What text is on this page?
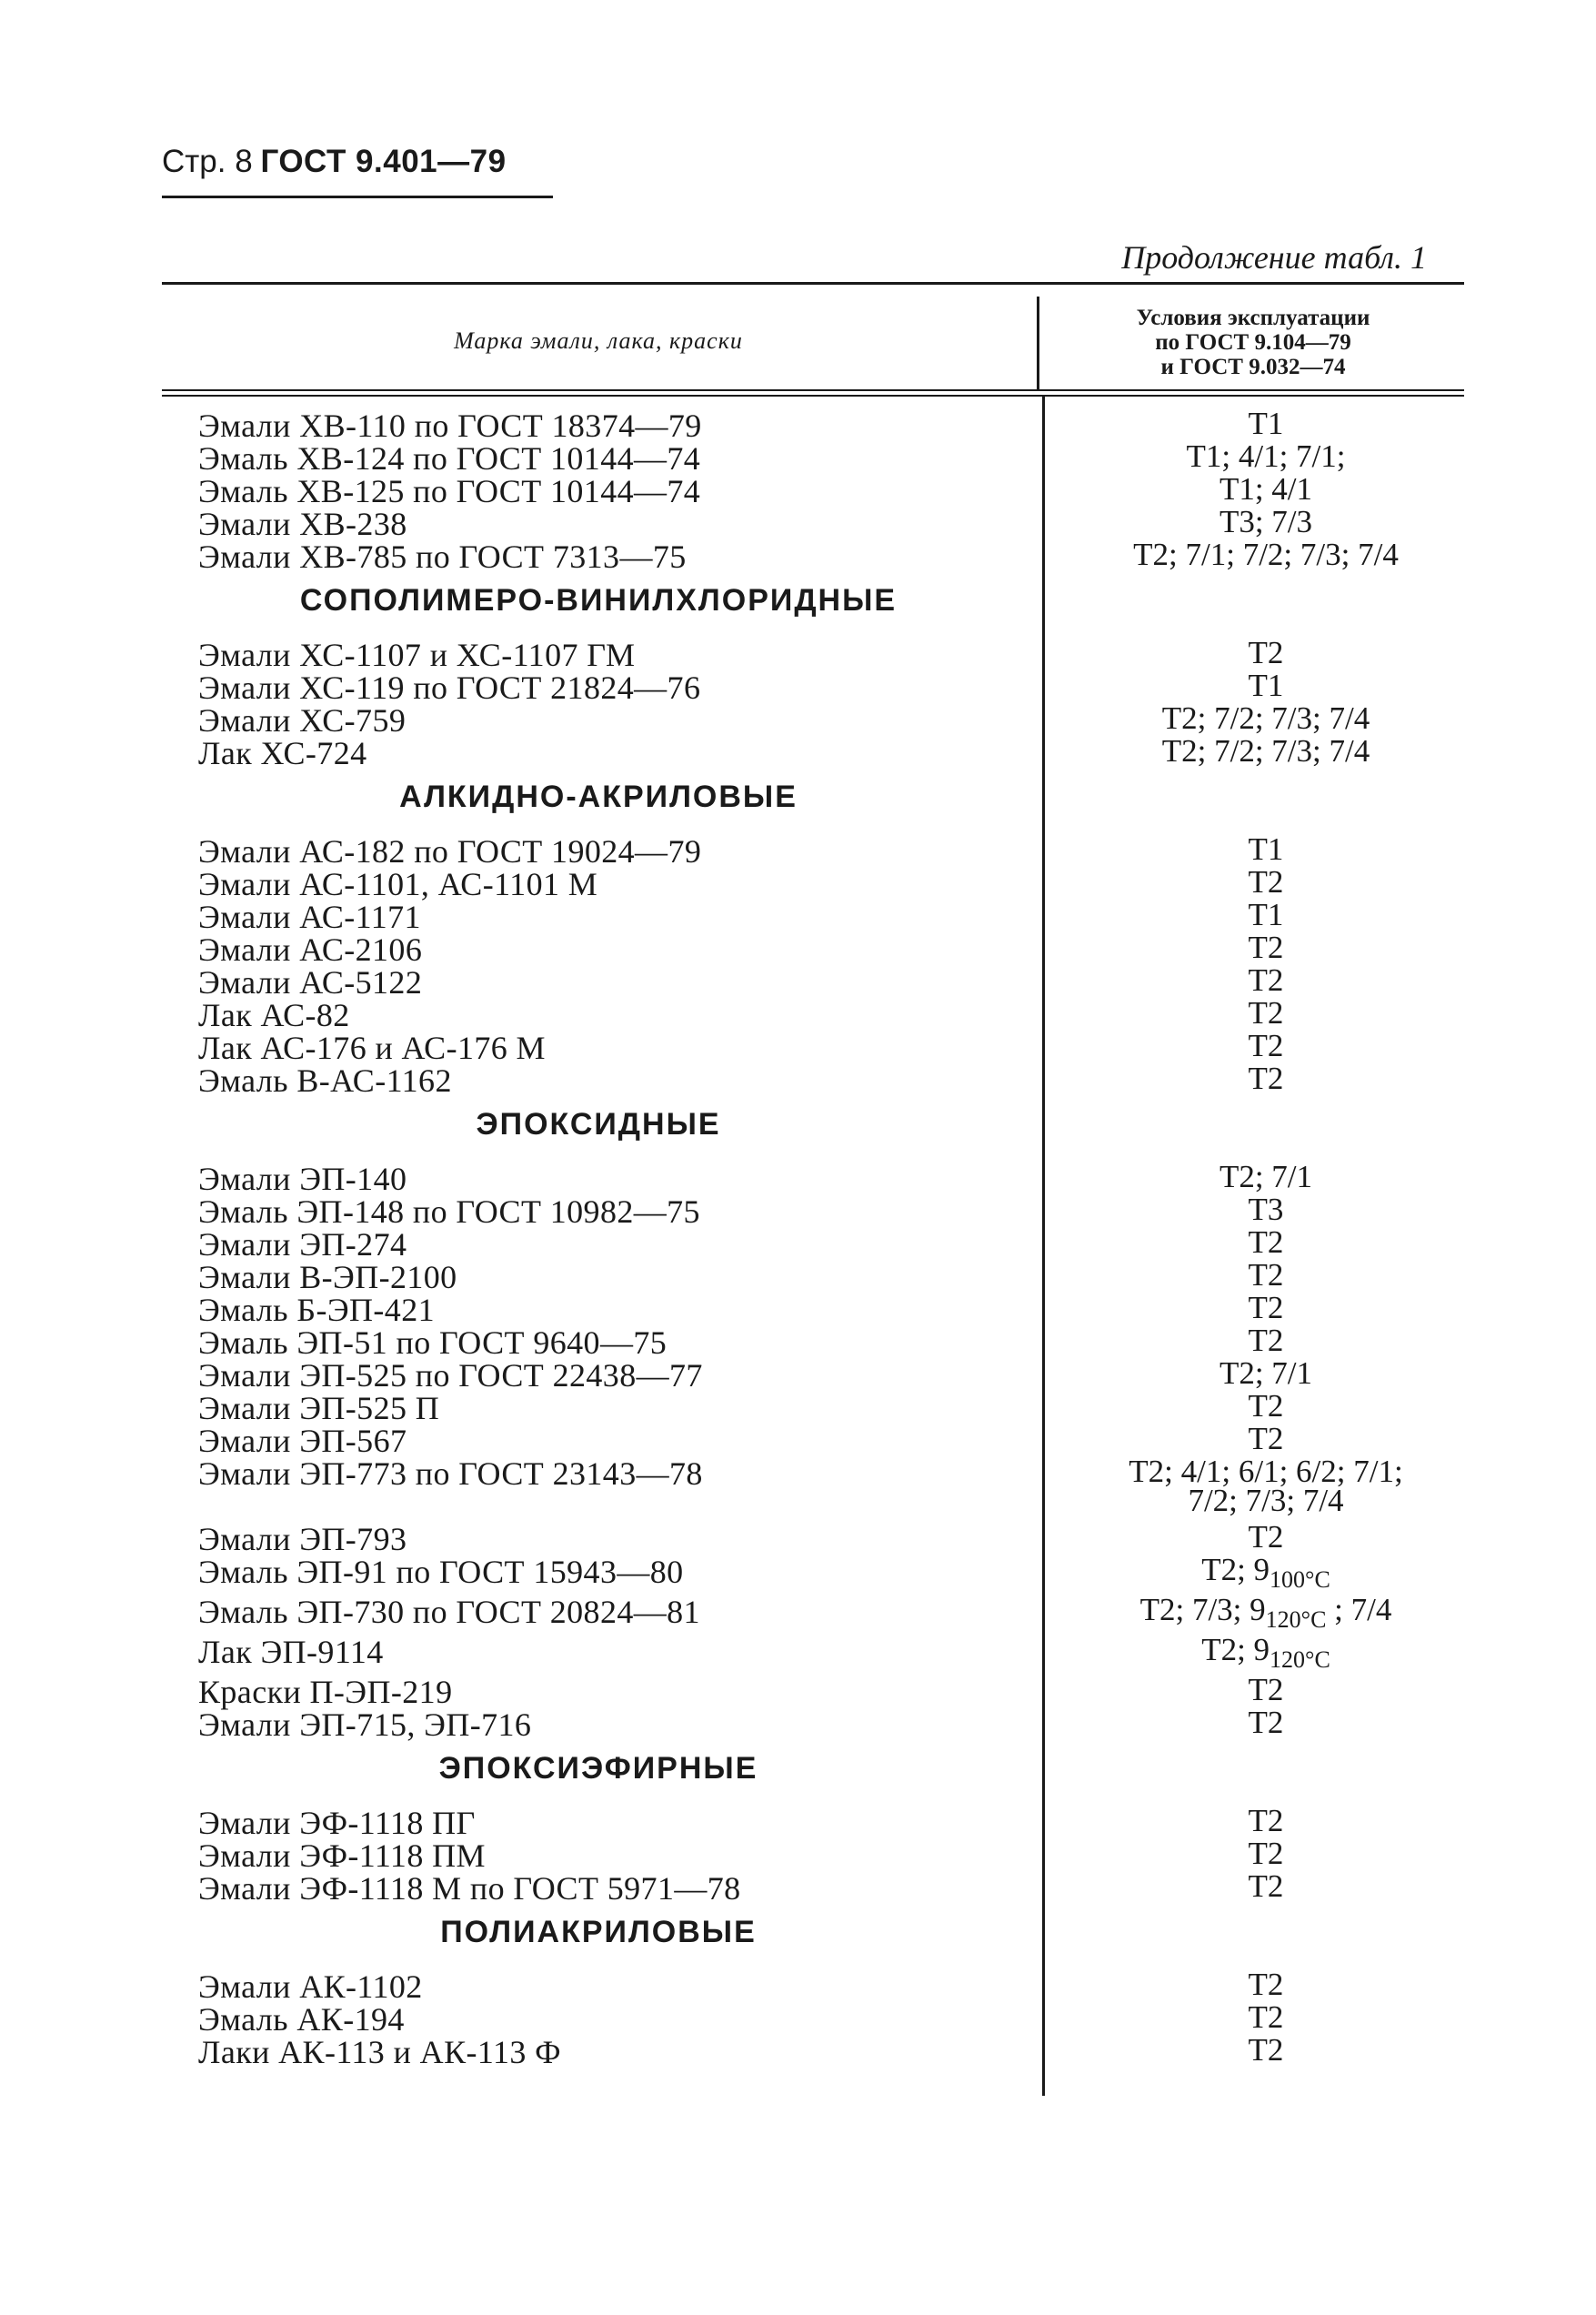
Стр. 8 ГОСТ 9.401—79
Продолжение табл. 1
Марка эмали, лака, краски
Условия эксплуатации
по ГОСТ 9.104—79
и ГОСТ 9.032—74
Эмали ХВ-110 по ГОСТ 18374—79	Т1
Эмаль ХВ-124 по ГОСТ 10144—74	Т1; 4/1; 7/1;
Эмаль ХВ-125 по ГОСТ 10144—74	Т1; 4/1
Эмали ХВ-238	Т3; 7/3
Эмали ХВ-785 по ГОСТ 7313—75	Т2; 7/1; 7/2; 7/3; 7/4
СОПОЛИМЕРО-ВИНИЛХЛОРИДНЫЕ
Эмали ХС-1107 и ХС-1107 ГМ	Т2
Эмали ХС-119 по ГОСТ 21824—76	Т1
Эмали ХС-759	Т2; 7/2; 7/3; 7/4
Лак ХС-724	Т2; 7/2; 7/3; 7/4
АЛКИДНО-АКРИЛОВЫЕ
Эмали АС-182 по ГОСТ 19024—79	Т1
Эмали АС-1101, АС-1101 М	Т2
Эмали АС-1171	Т1
Эмали АС-2106	Т2
Эмали АС-5122	Т2
Лак АС-82	Т2
Лак АС-176 и АС-176 М	Т2
Эмаль В-АС-1162	Т2
ЭПОКСИДНЫЕ
Эмали ЭП-140	Т2; 7/1
Эмаль ЭП-148 по ГОСТ 10982—75	Т3
Эмали ЭП-274	Т2
Эмали В-ЭП-2100	Т2
Эмаль Б-ЭП-421	Т2
Эмаль ЭП-51 по ГОСТ 9640—75	Т2
Эмали ЭП-525 по ГОСТ 22438—77	Т2; 7/1
Эмали ЭП-525 П	Т2
Эмали ЭП-567	Т2
Эмали ЭП-773 по ГОСТ 23143—78	Т2; 4/1; 6/1; 6/2; 7/1;
7/2; 7/3; 7/4
Эмали ЭП-793	Т2
Эмаль ЭП-91 по ГОСТ 15943—80	Т2; $9_{100^\circ С}$
Эмаль ЭП-730 по ГОСТ 20824—81	Т2; 7/3; $9_{120^\circ С}$ ; 7/4
Лак ЭП-9114	Т2; $9_{120^\circ С}$
Краски П-ЭП-219	Т2
Эмали ЭП-715, ЭП-716	Т2
ЭПОКСИЭФИРНЫЕ
Эмали ЭФ-1118 ПГ	Т2
Эмали ЭФ-1118 ПМ	Т2
Эмали ЭФ-1118 М по ГОСТ 5971—78	Т2
ПОЛИАКРИЛОВЫЕ
Эмали АК-1102	Т2
Эмаль АК-194	Т2
Лаки АК-113 и АК-113 Ф	Т2
